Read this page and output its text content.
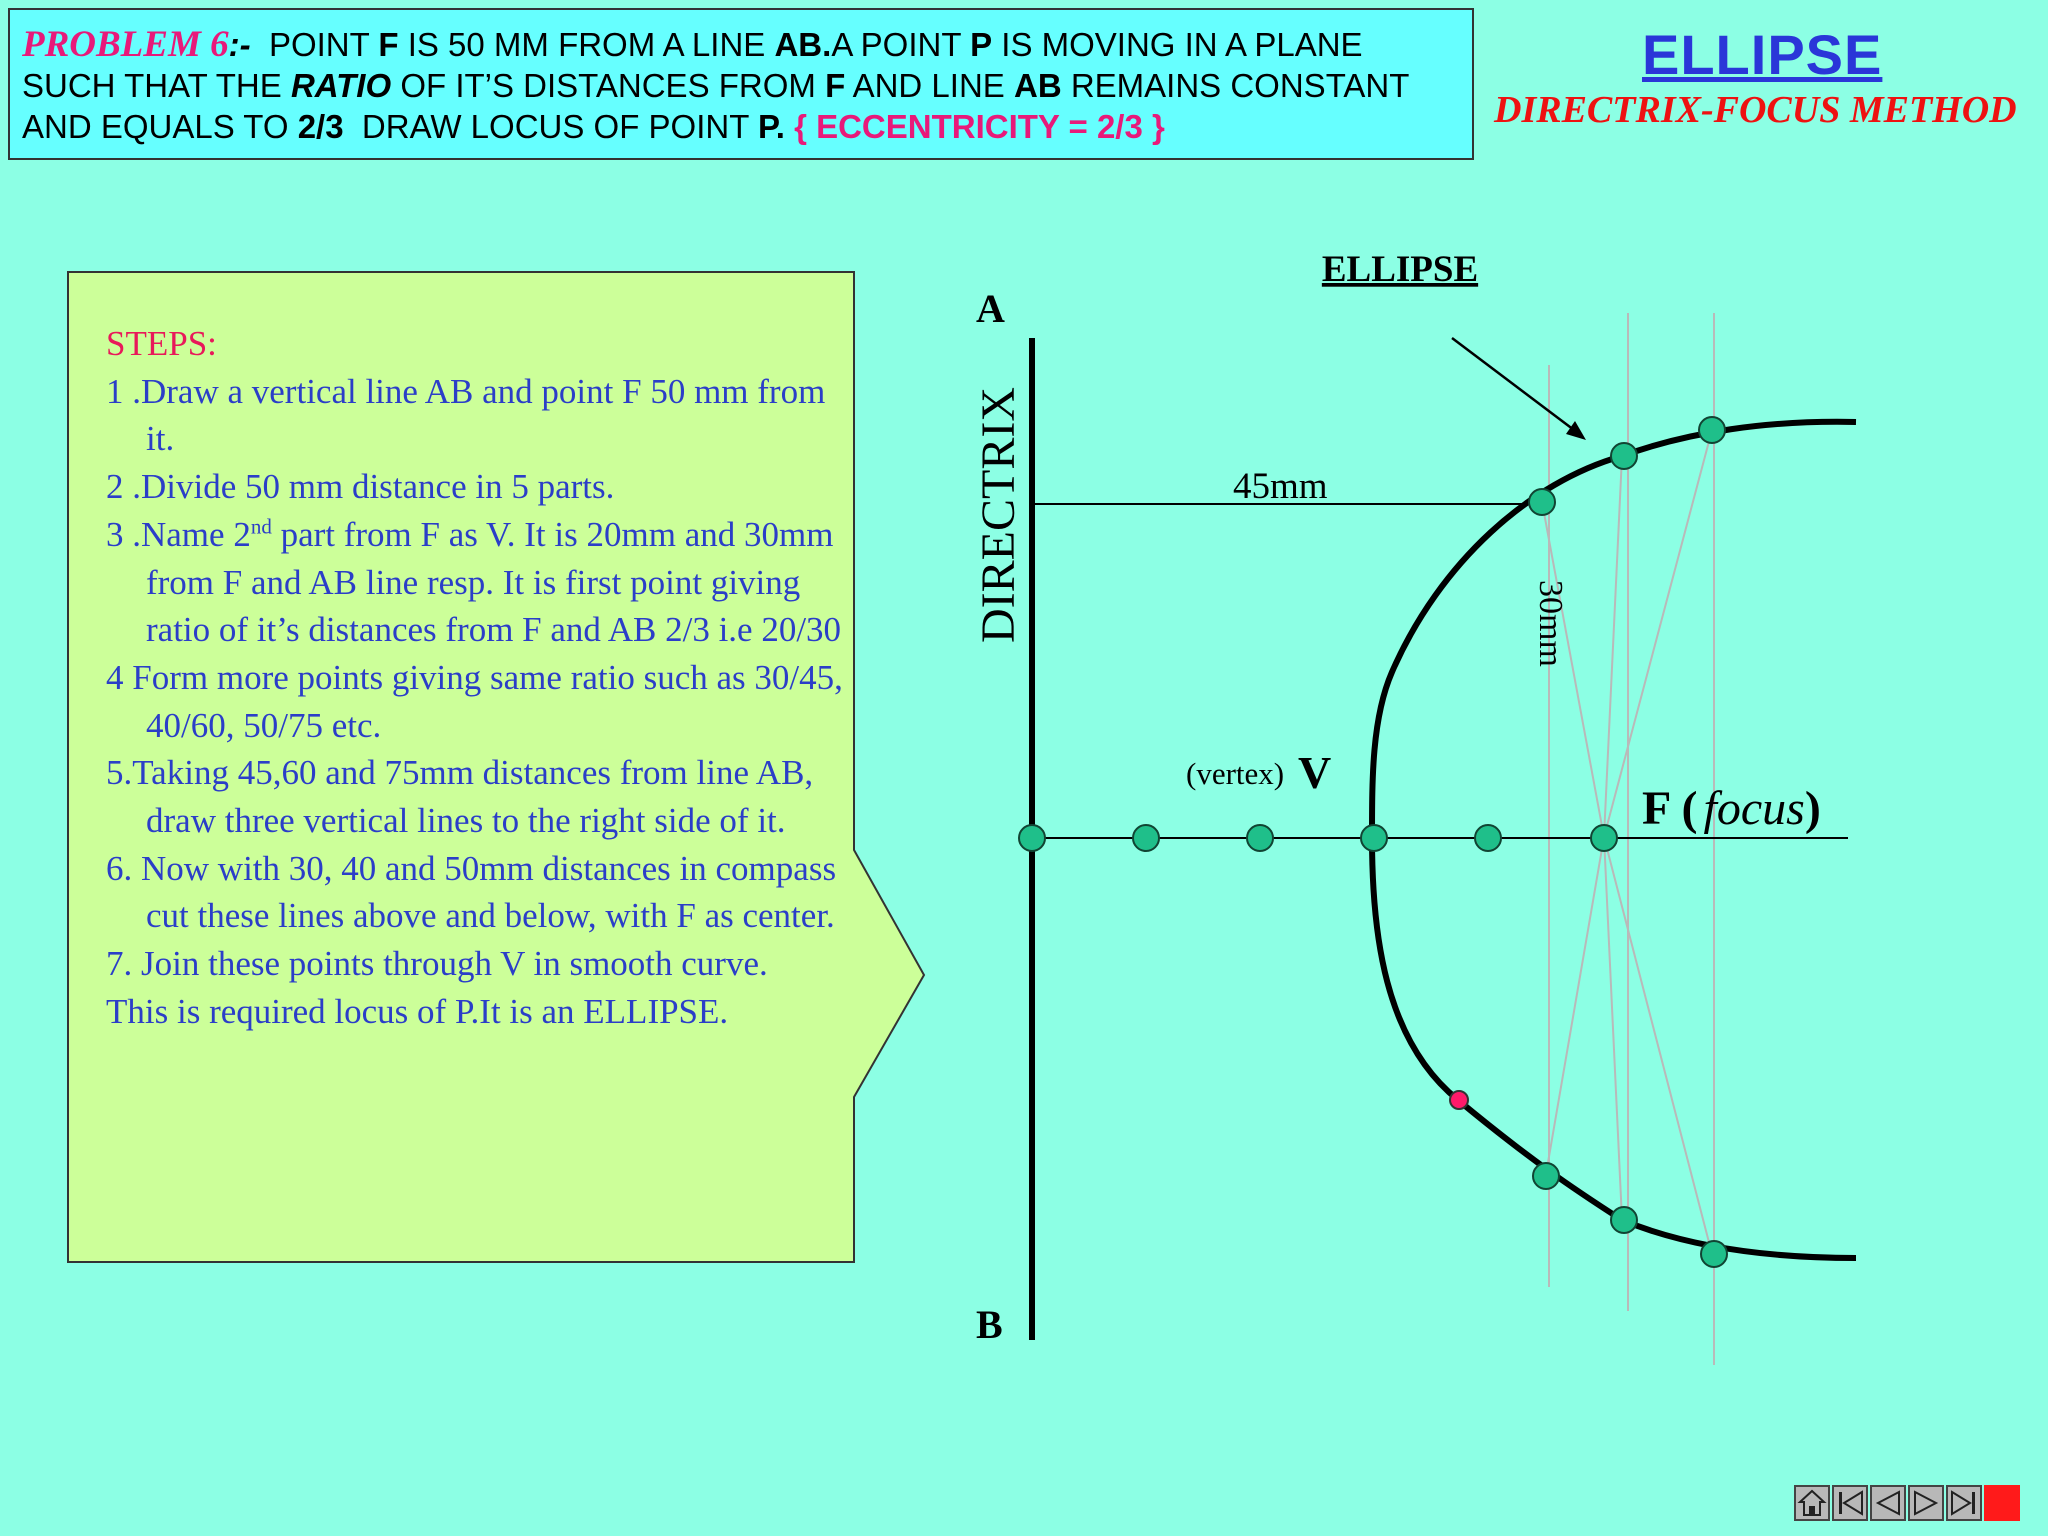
PROBLEM 6:- POINT F IS 50 MM FROM A LINE AB.A POINT P IS MOVING IN A PLANE
SUCH THAT THE RATIO OF IT’S DISTANCES FROM F AND LINE AB REMAINS CONSTANT
AND EQUALS TO 2/3 DRAW LOCUS OF POINT P. { ECCENTRICITY = 2/3 }
ELLIPSE
DIRECTRIX-FOCUS METHOD
STEPS:
1 .Draw a vertical line AB and point F 50 mm from it.
2 .Divide 50 mm distance in 5 parts.
3 .Name 2nd part from F as V. It is 20mm and 30mm from F and AB line resp. It is first point giving ratio of it’s distances from F and AB 2/3 i.e 20/30
4 Form more points giving same ratio such as 30/45, 40/60, 50/75 etc.
5.Taking 45,60 and 75mm distances from line AB, draw three vertical lines to the right side of it.
6. Now with 30, 40 and 50mm distances in compass cut these lines above and below, with F as center.
7. Join these points through V in smooth curve.
This is required locus of P.It is an ELLIPSE.
ELLIPSE
A
B
DIRECTRIX	45mm
30mm
(vertex) V
F ( focus)
